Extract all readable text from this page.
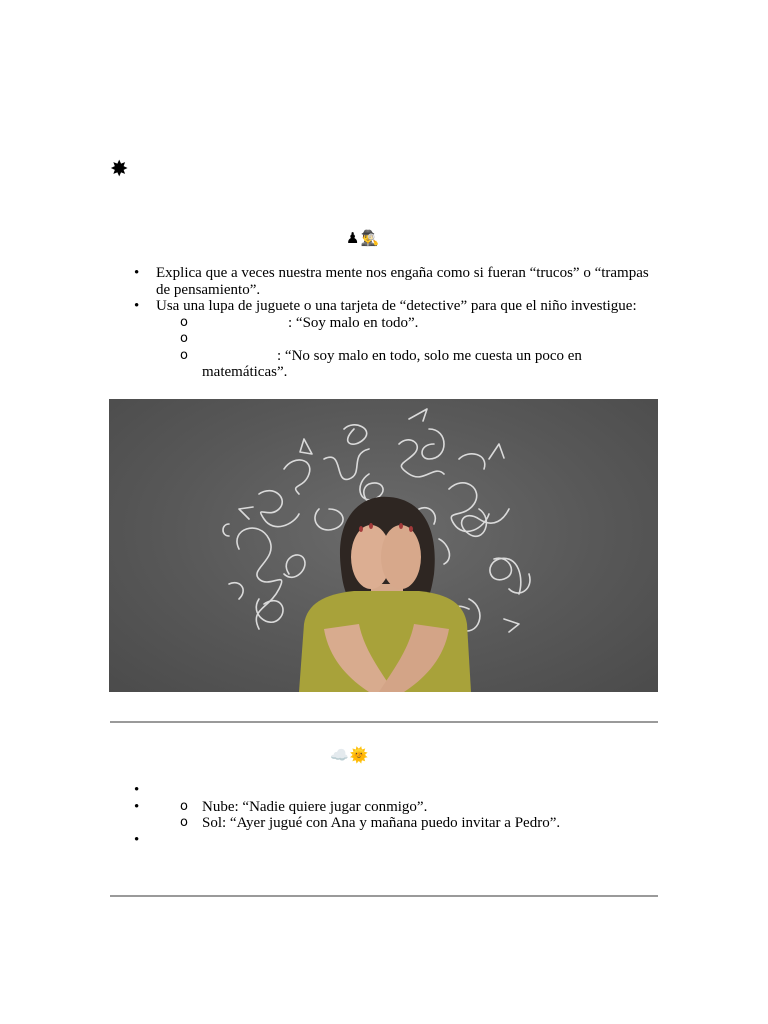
✸
♟🕵️‍♂️
• Explica que a veces nuestra mente nos engaña como si fueran “trucos” o “trampas de pensamiento”.
• Usa una lupa de juguete o una tarjeta de “detective” para que el niño investigue:
o	: “Soy malo en todo”.
o
o	: “No soy malo en todo, solo me cuesta un poco en matemáticas”.
☁️🌞
•
•	o Nube: “Nadie quiere jugar conmigo”.
o Sol: “Ayer jugué con Ana y mañana puedo invitar a Pedro”.
•
